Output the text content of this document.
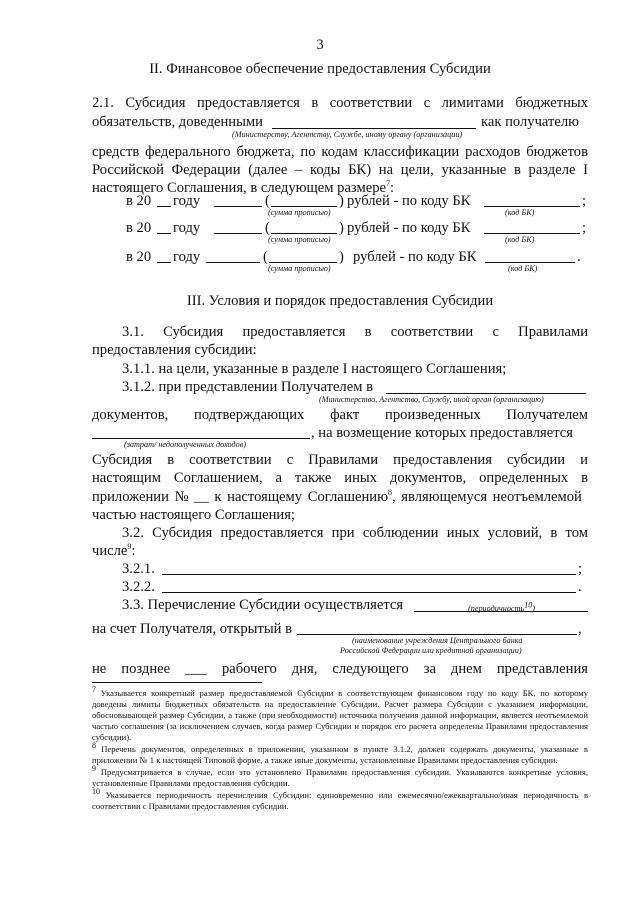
3
II. Финансовое обеспечение предоставления Субсидии
2.1. Субсидия предоставляется в соответствии с лимитами бюджетных
обязательств, доведенными	как получателю
(Министерству, Агентству, Службе, иному органу (организации)
средств федерального бюджета, по кодам классификации расходов бюджетов
Российской Федерации (далее – коды БК) на цели, указанные в разделе I
настоящего Соглашения, в следующем размере$^7$:
в 20 году	(	) рублей - по коду БК	;
(сумма прописью)	(код БК)
в 20 году	(	) рублей - по коду БК	;
(сумма прописью)	(код БК)
в 20 году	(	) рублей - по коду БК	.
(сумма прописью)	(код БК)
III. Условия и порядок предоставления Субсидии
3.1. Субсидия предоставляется в соответствии с Правилами
предоставления субсидии:
3.1.1. на цели, указанные в разделе I настоящего Соглашения;
3.1.2. при представлении Получателем в
(Министерство, Агентство, Службу, иной орган (организацию)
документов, подтверждающих факт произведенных Получателем
, на возмещение которых предоставляется
(затрат/ недополученных доходов)
Субсидия в соответствии с Правилами предоставления субсидии и
настоящим Соглашением, а также иных документов, определенных в
приложении № __ к настоящему Соглашению$^8$, являющемуся неотъемлемой
частью настоящего Соглашения;
3.2. Субсидия предоставляется при соблюдении иных условий, в том
числе$^9$:
3.2.1.	;
3.2.2.	.
3.3. Перечисление Субсидии осуществляется	(периодичность10)
на счет Получателя, открытый в	,
(наименование учреждения Центрального банка
Российской Федерации или кредитной организации)
не позднее ___ рабочего дня, следующего за днем представления
7 Указывается конкретный размер предоставляемой Субсидии в соответствующем финансовом году по коду БК, по которому доведены лимиты бюджетных обязательств на предоставление Субсидии. Расчет размера Субсидии с указанием информации, обосновывающей размер Субсидии, а также (при необходимости) источника получения данной информации, является неотъемлемой частью соглашения (за исключением случаев, когда размер Субсидии и порядок его расчета определены Правилами предоставления субсидии).
8 Перечень документов, определенных в приложении, указанном в пункте 3.1.2, должен содержать документы, указанные в приложении № 1 к настоящей Типовой форме, а также иные документы, установленные Правилами предоставления субсидии.
9 Предусматривается в случае, если это установлено Правилами предоставления субсидии. Указываются конкретные условия, установленные Правилами предоставления субсидии.
10 Указывается периодичность перечисления Субсидии: единовременно или ежемесячно/ежеквартально/иная периодичность в соответствии с Правилами предоставления субсидии.
